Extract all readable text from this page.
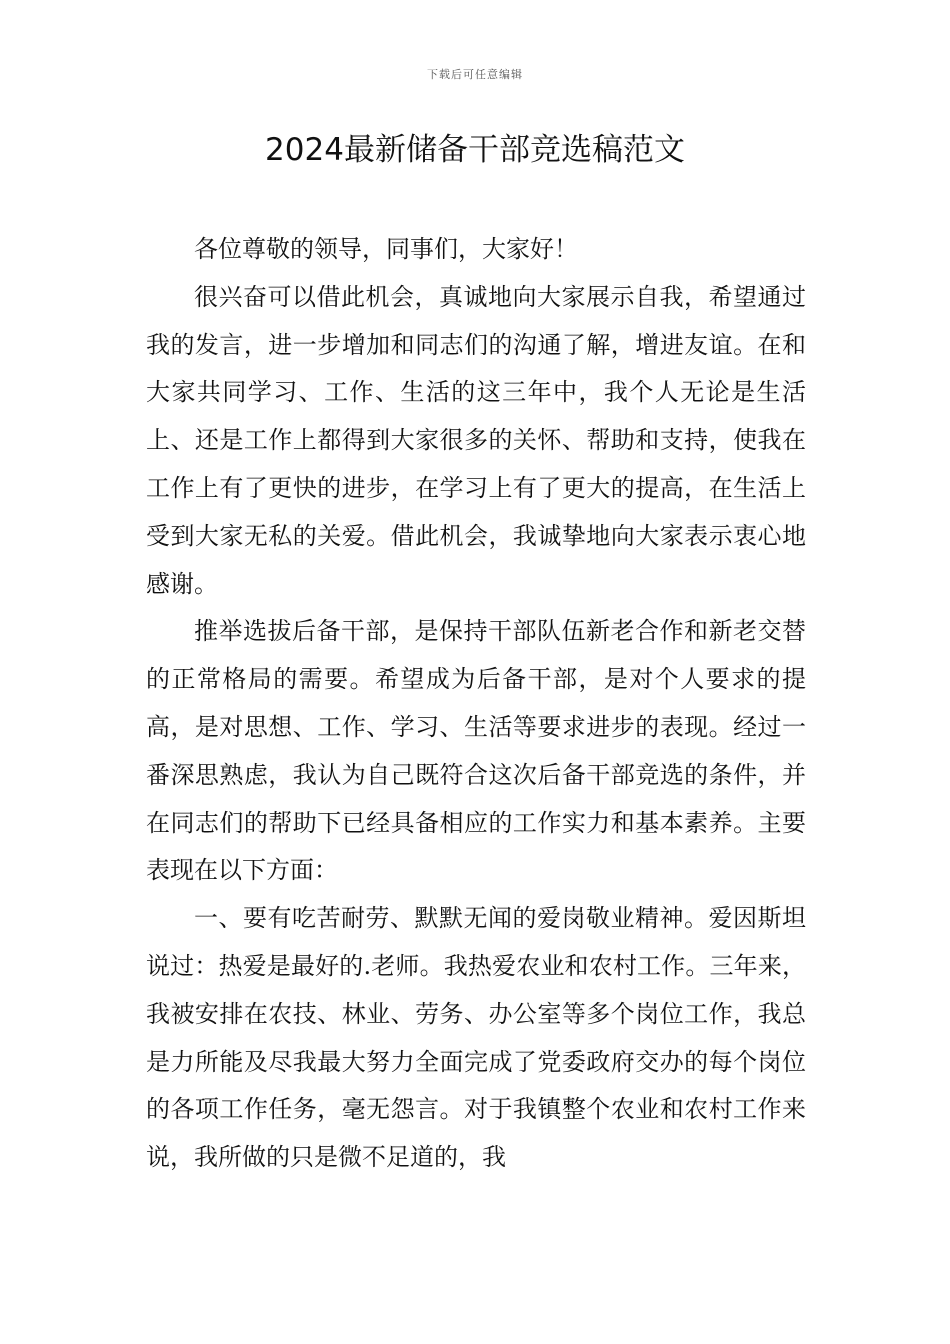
下载后可任意编辑
2024最新储备干部竞选稿范文

各位尊敬的领导，同事们，大家好！

很兴奋可以借此机会，真诚地向大家展示自我，希望通过我的发言，进一步增加和同志们的沟通了解，增进友谊。在和大家共同学习、工作、生活的这三年中，我个人无论是生活上、还是工作上都得到大家很多的关怀、帮助和支持，使我在工作上有了更快的进步，在学习上有了更大的提高，在生活上受到大家无私的关爱。借此机会，我诚挚地向大家表示衷心地感谢。

推举选拔后备干部，是保持干部队伍新老合作和新老交替的正常格局的需要。希望成为后备干部，是对个人要求的提高，是对思想、工作、学习、生活等要求进步的表现。经过一番深思熟虑，我认为自己既符合这次后备干部竞选的条件，并在同志们的帮助下已经具备相应的工作实力和基本素养。主要表现在以下方面：

一、要有吃苦耐劳、默默无闻的爱岗敬业精神。爱因斯坦说过：热爱是最好的.老师。我热爱农业和农村工作。三年来，我被安排在农技、林业、劳务、办公室等多个岗位工作，我总是力所能及尽我最大努力全面完成了党委政府交办的每个岗位的各项工作任务，毫无怨言。对于我镇整个农业和农村工作来说，我所做的只是微不足道的，我
